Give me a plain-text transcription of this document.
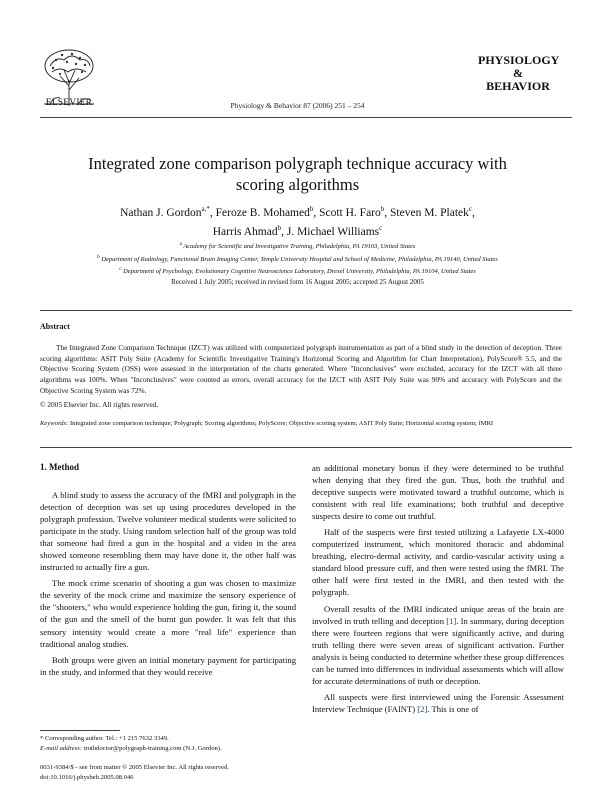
ELSEVIER	Physiology & Behavior 87 (2006) 251 – 254
PHYSIOLOGY
&
BEHAVIOR
Integrated zone comparison polygraph technique accuracy with
scoring algorithms
Nathan J. Gordon$^{a,*}$, Feroze B. Mohamed$^b$, Scott H. Faro$^b$, Steven M. Platek$^c$,
Harris Ahmad$^b$, J. Michael Williams$^c$
$^a$ Academy for Scientific and Investigative Training, Philadelphia, PA 19103, United States
$^b$ Department of Radiology, Functional Brain Imaging Center, Temple University Hospital and School of Medicine, Philadelphia, PA 19140, United States
$^c$ Department of Psychology, Evolutionary Cognitive Neuroscience Laboratory, Drexel University, Philadelphia, PA 19104, United States
Received 1 July 2005; received in revised form 16 August 2005; accepted 25 August 2005
Abstract
The Integrated Zone Comparison Technique (IZCT) was utilized with computerized polygraph instrumentation as part of a blind study in the detection of deception. Three scoring algorithms: ASIT Poly Suite (Academy for Scientific Investigative Training's Horizontal Scoring and Algorithm for Chart Interpretation), PolyScore® 5.5, and the Objective Scoring System (OSS) were assessed in the interpretation of the charts generated. Where "Inconclusives" were excluded, accuracy for the IZCT with all three algorithms was 100%. When "Inconclusives" were counted as errors, overall accuracy for the IZCT with ASIT Poly Suite was 90% and accuracy with PolyScore and the Objective Scoring System was 72%.
© 2005 Elsevier Inc. All rights reserved.
Keywords: Integrated zone comparison technique; Polygraph; Scoring algorithms; PolyScore; Objective scoring system; ASIT Poly Suite; Horizontal scoring system; fMRI
1. Method

A blind study to assess the accuracy of the fMRI and polygraph in the detection of deception was set up using procedures developed in the polygraph profession. Twelve volunteer medical students were solicited to participate in the study. Using random selection half of the group was told that someone had fired a gun in the hospital and a video in the area showed someone resembling them may have done it, the other half was instructed to actually fire a gun.

The mock crime scenario of shooting a gun was chosen to maximize the severity of the mock crime and maximize the sensory experience of the "shooters," who would experience holding the gun, firing it, the sound of the gun and the smell of the burnt gun powder. It was felt that this sensory intensity would create a more "real life" experience than traditional analog studies.

Both groups were given an initial monetary payment for participating in the study, and informed that they would receive

an additional monetary bonus if they were determined to be truthful when denying that they fired the gun. Thus, both the truthful and deceptive suspects were motivated toward a truthful outcome, which is consistent with real life examinations; both truthful and deceptive suspects desire to come out truthful.

Half of the suspects were first tested utilizing a Lafayette LX-4000 computerized instrument, which monitored thoracic and abdominal breathing, electro-dermal activity, and cardio-vascular activity using a standard blood pressure cuff, and then were tested using the fMRI. The other half were first tested in the fMRI, and then tested with the polygraph.

Overall results of the fMRI indicated unique areas of the brain are involved in truth telling and deception [1]. In summary, during deception there were fourteen regions that were significantly active, and during truth telling there were seven areas of significant activation. Further analysis is being conducted to determine whether these group differences can be turned into differences in individual assessments which will allow for accurate determinations of truth or deception.

All suspects were first interviewed using the Forensic Assessment Interview Technique (FAINT) [2]. This is one of

* Corresponding author. Tel.: +1 215 7632 3349.
E-mail address: truthdoctor@polygraph-training.com (N.J. Gordon).
0031-9384/$ - see front matter © 2005 Elsevier Inc. All rights reserved.
doi:10.1016/j.physbeh.2005.08.046
